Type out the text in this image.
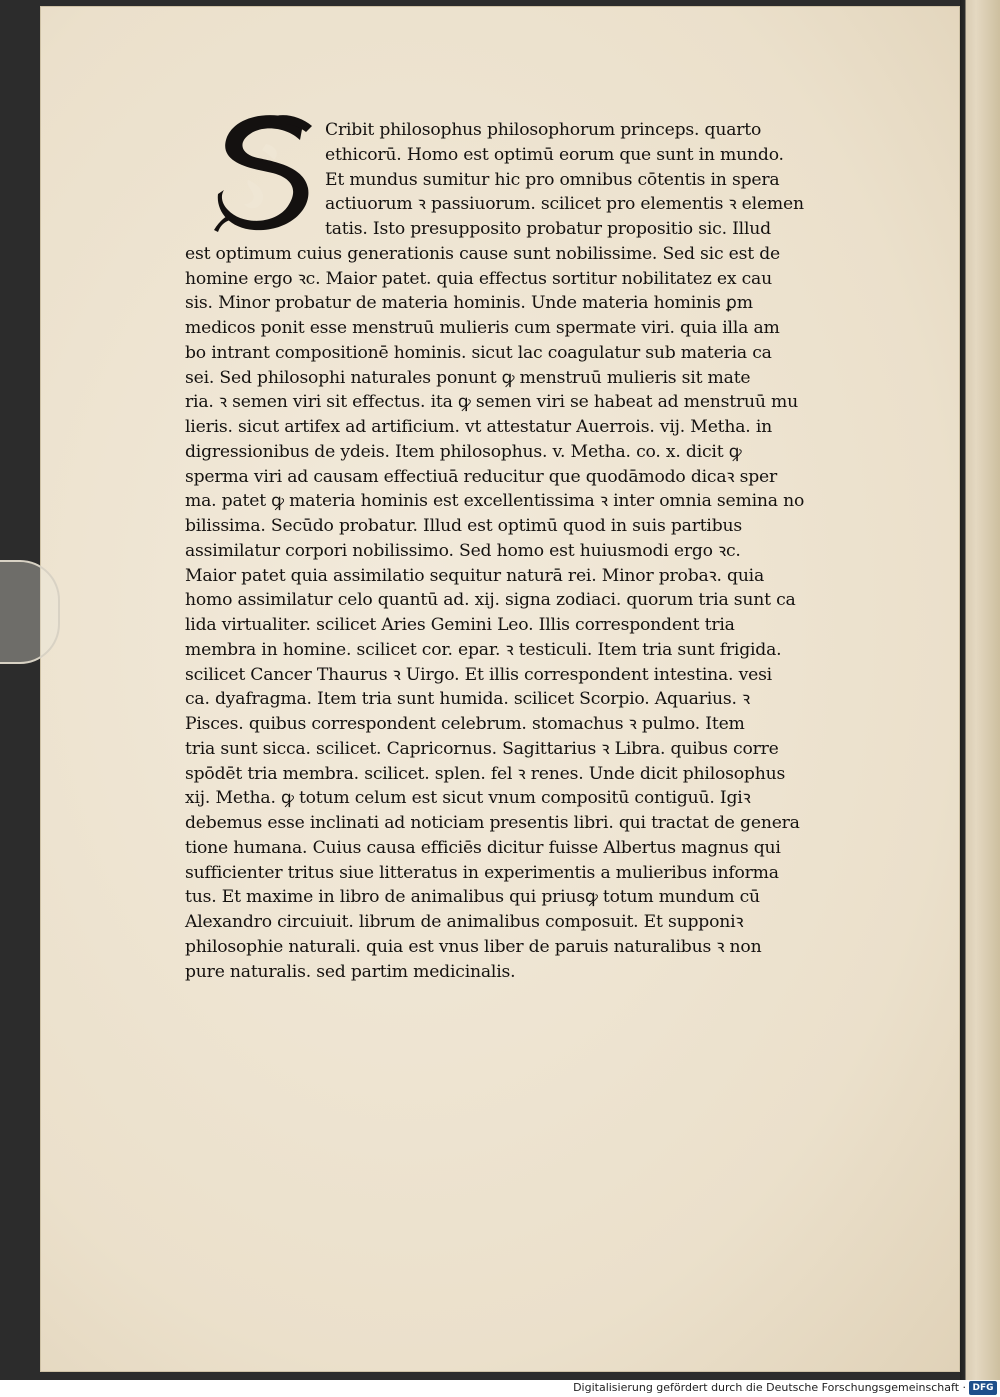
Cribit philosophus philosophorum princeps. quarto
ethicorū. Homo est optimū eorum que sunt in mundo.
Et mundus sumitur hic pro omnibus cōtentis in spera
actiuorum ꝛ passiuorum. scilicet pro elementis ꝛ elemen
tatis. Isto presupposito probatur propositio sic. Illud
est optimum cuius generationis cause sunt nobilissime. Sed sic est de
homine ergo ꝛc. Maior patet. quia effectus sortitur nobilitatez ex cau
sis. Minor probatur de materia hominis. Unde materia hominis ꝑm
medicos ponit esse menstruū mulieris cum spermate viri. quia illa am
bo intrant compositionē hominis. sicut lac coagulatur sub materia ca
sei. Sed philosophi naturales ponunt ꝙ menstruū mulieris sit mate
ria. ꝛ semen viri sit effectus. ita ꝙ semen viri se habeat ad menstruū mu
lieris. sicut artifex ad artificium. vt attestatur Auerrois. vij. Metha. in
digressionibus de ydeis. Item philosophus. v. Metha. co. x. dicit ꝙ
sperma viri ad causam effectiuā reducitur que quodāmodo dicaꝛ sper
ma. patet ꝙ materia hominis est excellentissima ꝛ inter omnia semina no
bilissima. Secūdo probatur. Illud est optimū quod in suis partibus
assimilatur corpori nobilissimo. Sed homo est huiusmodi ergo ꝛc.
Maior patet quia assimilatio sequitur naturā rei. Minor probaꝛ. quia
homo assimilatur celo quantū ad. xij. signa zodiaci. quorum tria sunt ca
lida virtualiter. scilicet Aries Gemini Leo. Illis correspondent tria
membra in homine. scilicet cor. epar. ꝛ testiculi. Item tria sunt frigida.
scilicet Cancer Thaurus ꝛ Uirgo. Et illis correspondent intestina. vesi
ca. dyafragma. Item tria sunt humida. scilicet Scorpio. Aquarius. ꝛ
Pisces. quibus correspondent celebrum. stomachus ꝛ pulmo. Item
tria sunt sicca. scilicet. Capricornus. Sagittarius ꝛ Libra. quibus corre
spōdēt tria membra. scilicet. splen. fel ꝛ renes. Unde dicit philosophus
xij. Metha. ꝙ totum celum est sicut vnum compositū contiguū. Igiꝛ
debemus esse inclinati ad noticiam presentis libri. qui tractat de genera
tione humana. Cuius causa efficiēs dicitur fuisse Albertus magnus qui
sufficienter tritus siue litteratus in experimentis a mulieribus informa
tus. Et maxime in libro de animalibus qui priusꝙ totum mundum cū
Alexandro circuiuit. librum de animalibus composuit. Et supponiꝛ
philosophie naturali. quia est vnus liber de paruis naturalibus ꝛ non
pure naturalis. sed partim medicinalis.
Digitalisierung gefördert durch die Deutsche Forschungsgemeinschaft · DFG
